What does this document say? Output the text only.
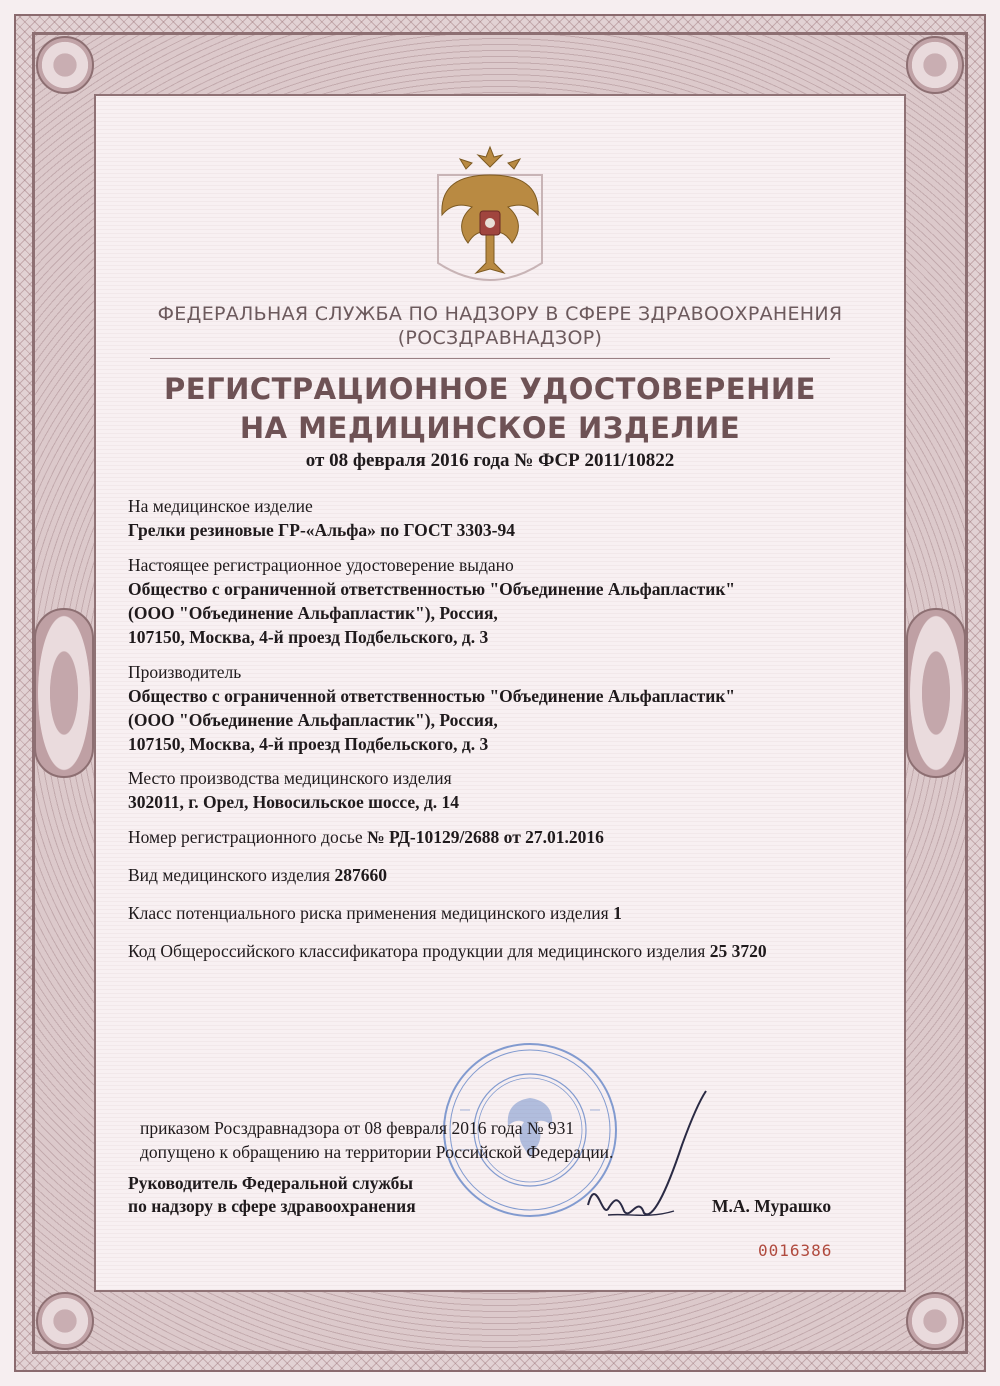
ФЕДЕРАЛЬНАЯ СЛУЖБА ПО НАДЗОРУ В СФЕРЕ ЗДРАВООХРАНЕНИЯ
(РОСЗДРАВНАДЗОР)
РЕГИСТРАЦИОННОЕ УДОСТОВЕРЕНИЕ
НА МЕДИЦИНСКОЕ ИЗДЕЛИЕ
от 08 февраля 2016 года № ФСР 2011/10822
На медицинское изделие
Грелки резиновые ГР-«Альфа» по ГОСТ 3303-94
Настоящее регистрационное удостоверение выдано
Общество с ограниченной ответственностью "Объединение Альфапластик"
(ООО "Объединение Альфапластик"), Россия,
107150, Москва, 4-й проезд Подбельского, д. 3
Производитель
Общество с ограниченной ответственностью "Объединение Альфапластик"
(ООО "Объединение Альфапластик"), Россия,
107150, Москва, 4-й проезд Подбельского, д. 3
Место производства медицинского изделия
302011, г. Орел, Новосильское шоссе, д. 14
Номер регистрационного досье № РД-10129/2688 от 27.01.2016
Вид медицинского изделия 287660
Класс потенциального риска применения медицинского изделия 1
Код Общероссийского классификатора продукции для медицинского изделия 25 3720
приказом Росздравнадзора от 08 февраля 2016 года № 931
допущено к обращению на территории Российской Федерации.
Руководитель Федеральной службы
по надзору в сфере здравоохранения	М.А. Мурашко
0016386
